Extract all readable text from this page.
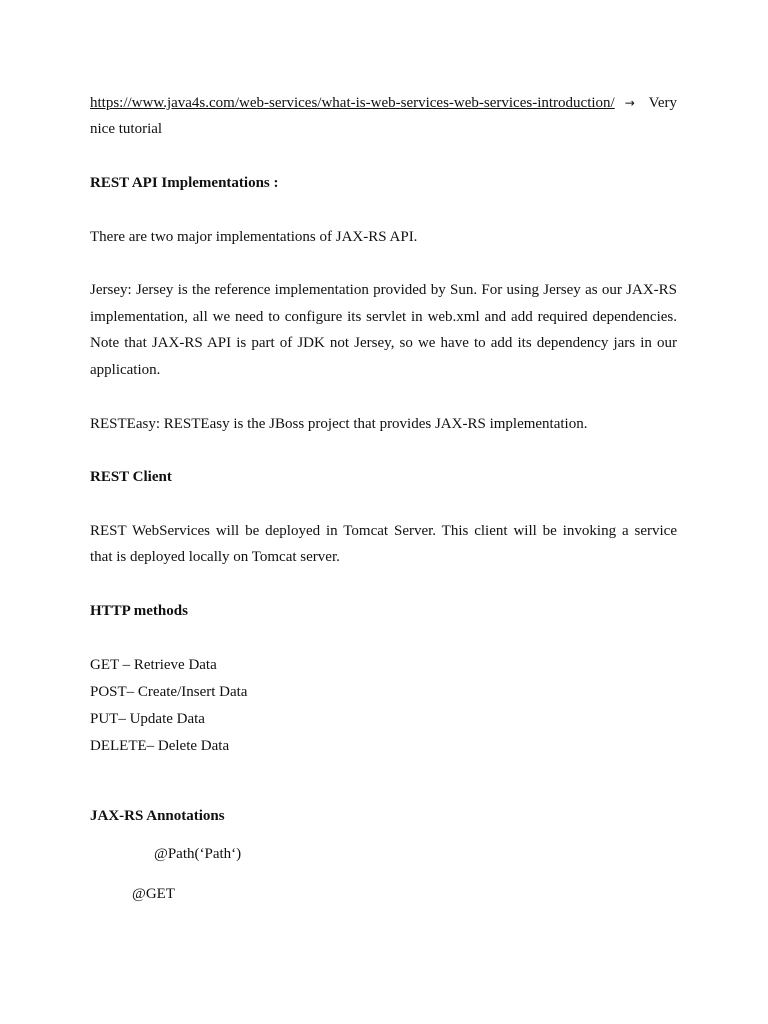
https://www.java4s.com/web-services/what-is-web-services-web-services-introduction/ → Very
nice tutorial
REST API Implementations :
There are two major implementations of JAX-RS API.
Jersey: Jersey is the reference implementation provided by Sun. For using Jersey as our JAX-RS
implementation, all we need to configure its servlet in web.xml and add required dependencies.
Note that JAX-RS API is part of JDK not Jersey, so we have to add its dependency jars in our
application.
RESTEasy: RESTEasy is the JBoss project that provides JAX-RS implementation.
REST Client
REST WebServices will be deployed in Tomcat Server. This client will be invoking a service
that is deployed locally on Tomcat server.
HTTP methods
GET – Retrieve Data
POST– Create/Insert Data
PUT– Update Data
DELETE– Delete Data
JAX-RS Annotations
@Path(‘Path‘)
@GET
